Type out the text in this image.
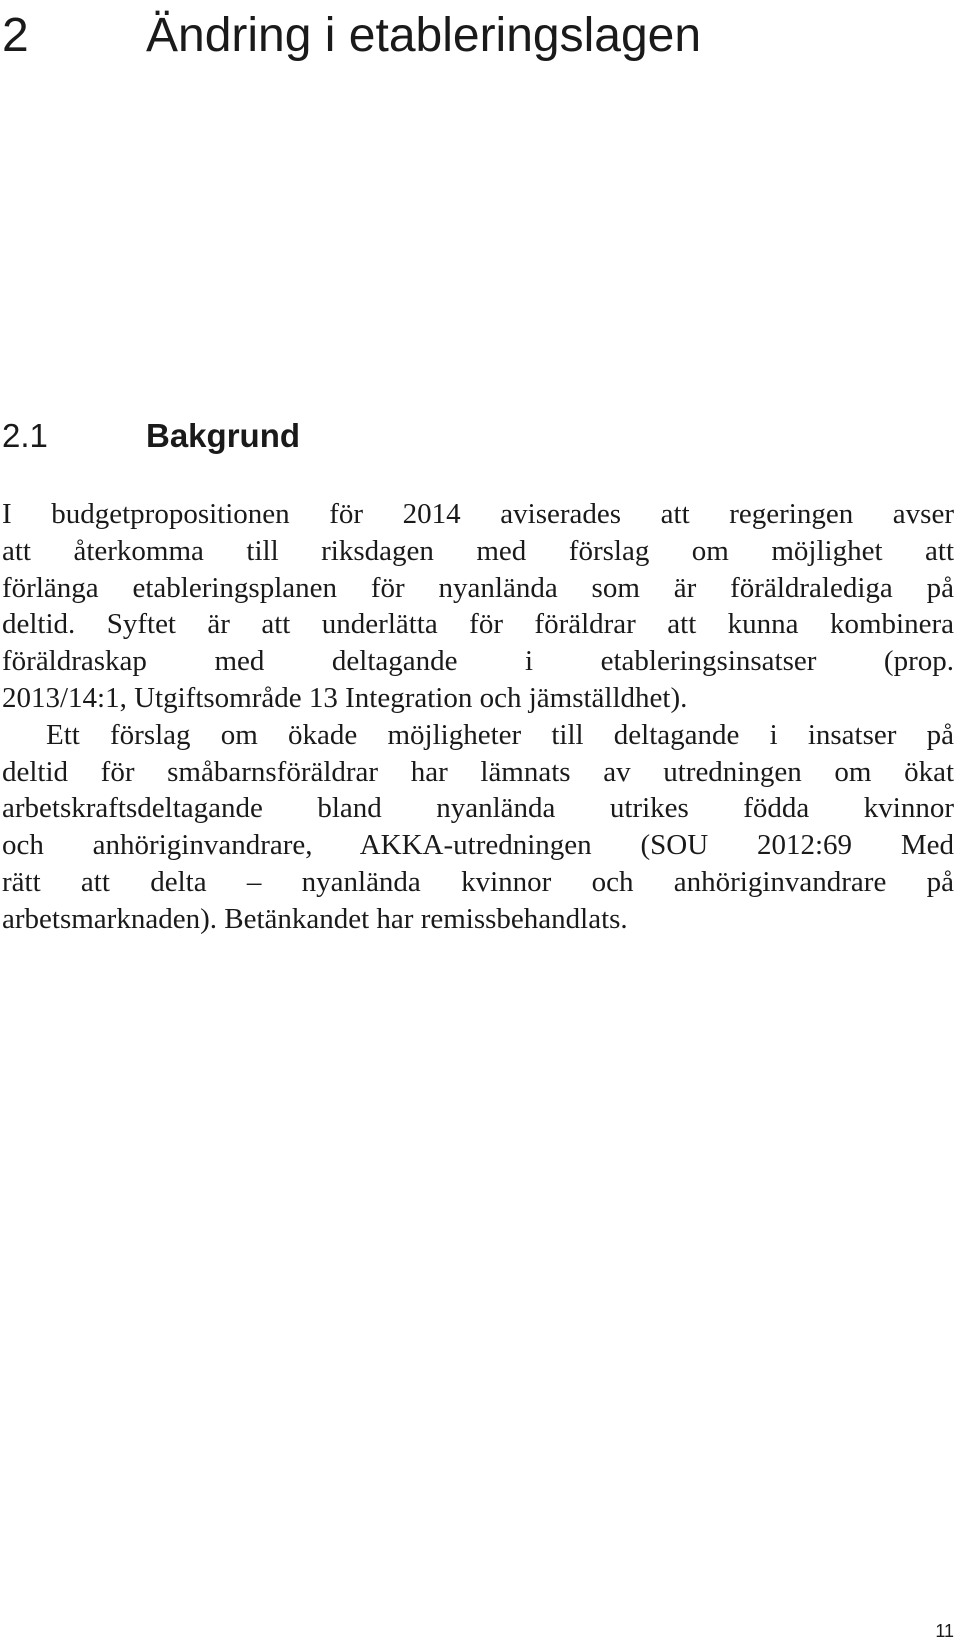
2 Ändring i etableringslagen
2.1	Bakgrund
I budgetpropositionen för 2014 aviserades att regeringen avser
att återkomma till riksdagen med förslag om möjlighet att
förlänga etableringsplanen för nyanlända som är föräldralediga på
deltid. Syftet är att underlätta för föräldrar att kunna kombinera
föräldraskap med deltagande i etableringsinsatser (prop.
2013/14:1, Utgiftsområde 13 Integration och jämställdhet).
Ett förslag om ökade möjligheter till deltagande i insatser på
deltid för småbarnsföräldrar har lämnats av utredningen om ökat
arbetskraftsdeltagande bland nyanlända utrikes födda kvinnor
och anhöriginvandrare, AKKA-utredningen (SOU 2012:69 Med
rätt att delta – nyanlända kvinnor och anhöriginvandrare på
arbetsmarknaden). Betänkandet har remissbehandlats.
11
